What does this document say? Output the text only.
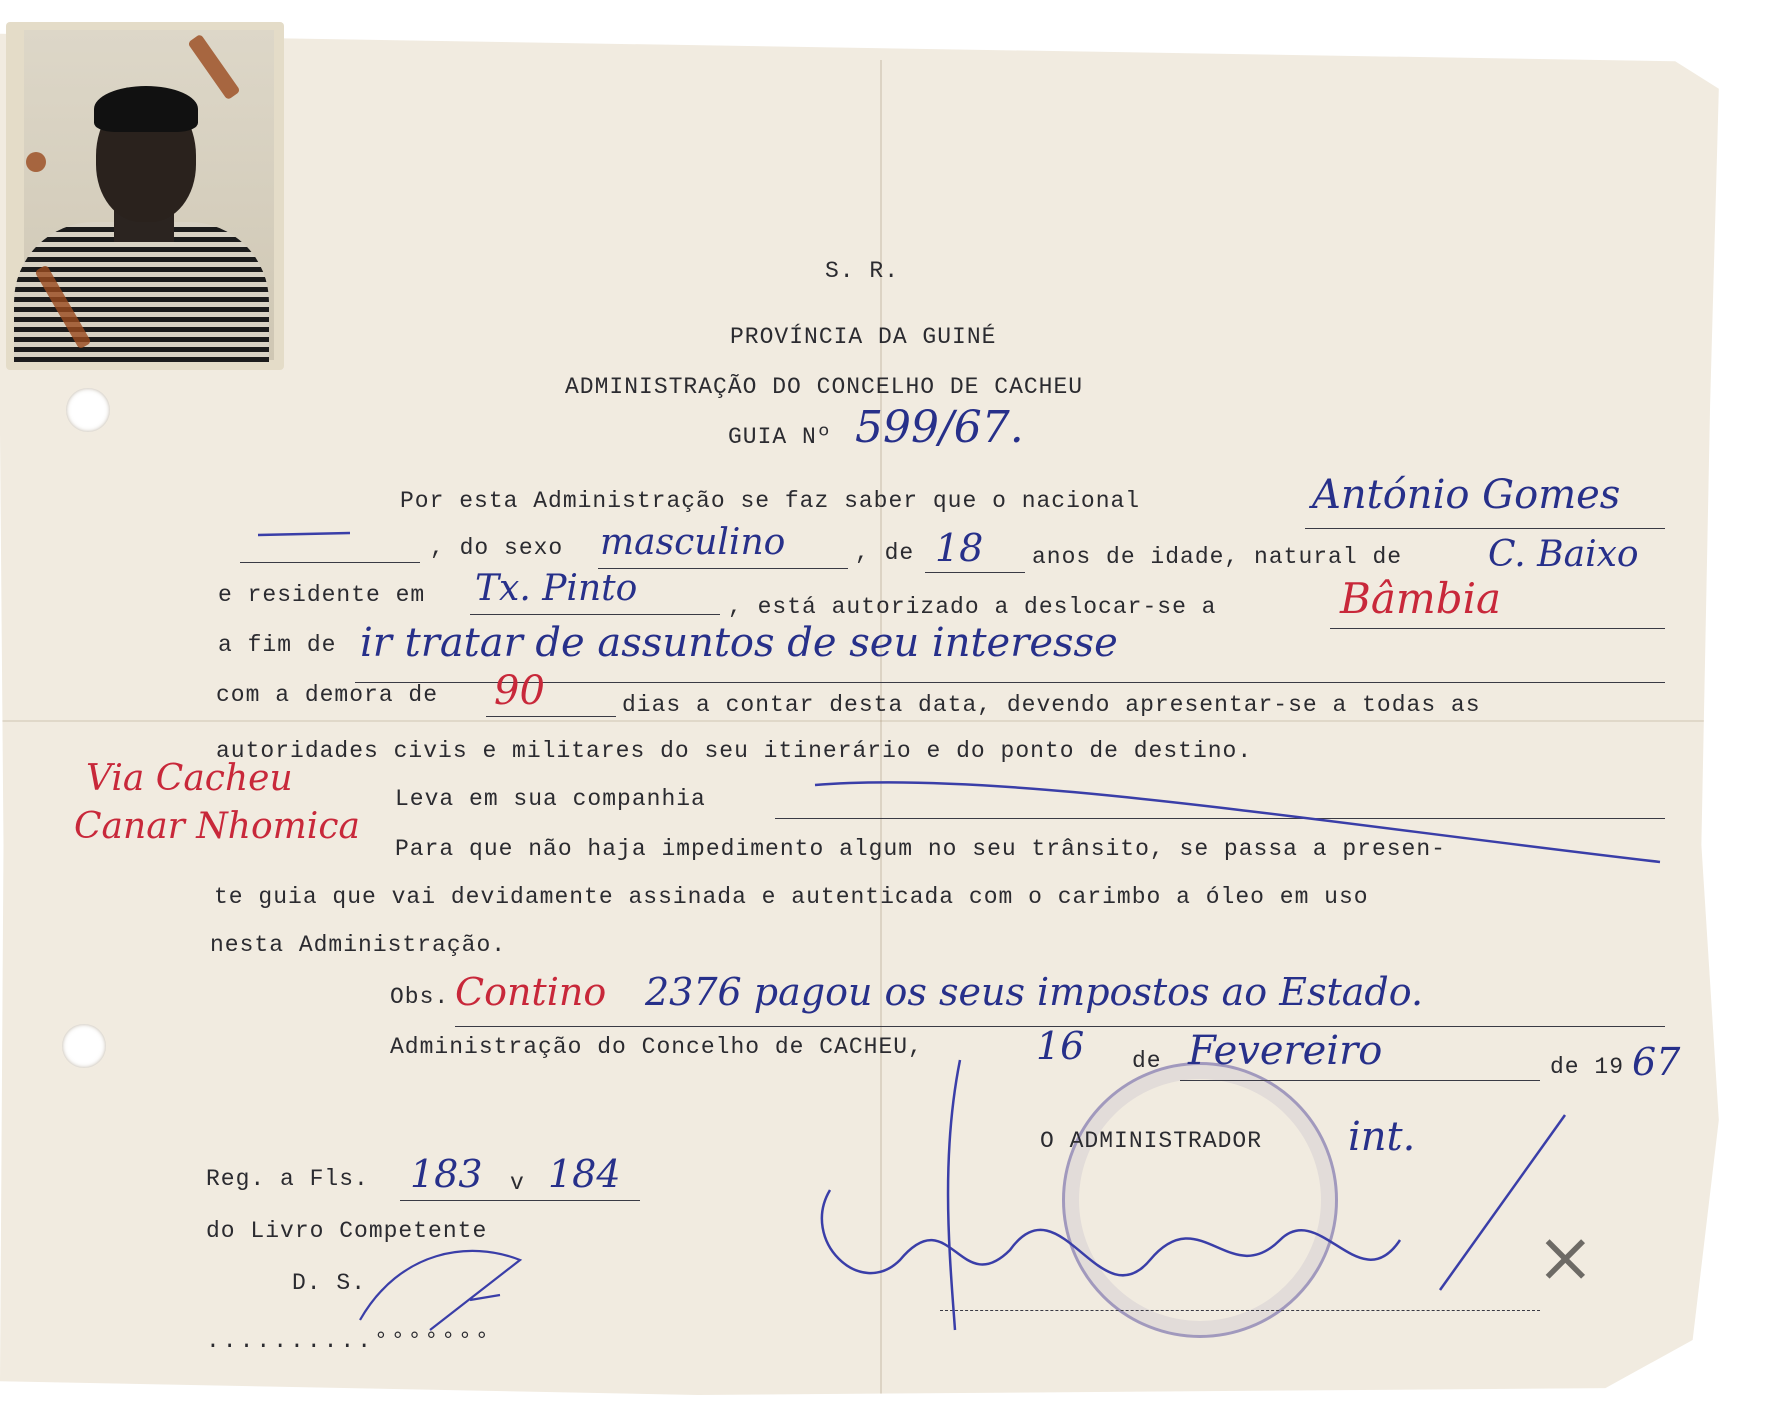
S. R.
PROVÍNCIA DA GUINÉ
ADMINISTRAÇÃO DO CONCELHO DE CACHEU
GUIA Nº 599/67.
Por esta Administração se faz saber que o nacional	António Gomes
, do sexo masculino	, de 18 anos de idade, natural de C. Baixo
e residente em Tx. Pinto	, está autorizado a deslocar-se a	Bâmbia
a fim de ir tratar de assuntos de seu interesse
com a demora de 90	dias a contar desta data, devendo apresentar-se a todas as
autoridades civis e militares do seu itinerário e do ponto de destino.
Via Cacheu
Canar Nhomica
Leva em sua companhia
Para que não haja impedimento algum no seu trânsito, se passa a presen-
te guia que vai devidamente assinada e autenticada com o carimbo a óleo em uso
nesta Administração.
Obs. Contino 2376 pagou os seus impostos ao Estado.
Administração do Concelho de CACHEU,	16 de Fevereiro	de 19 67
O ADMINISTRADOR int.
×
Reg. a Fls. 183 v 184
do Livro Competente
D. S.
..........°°°°°°°
